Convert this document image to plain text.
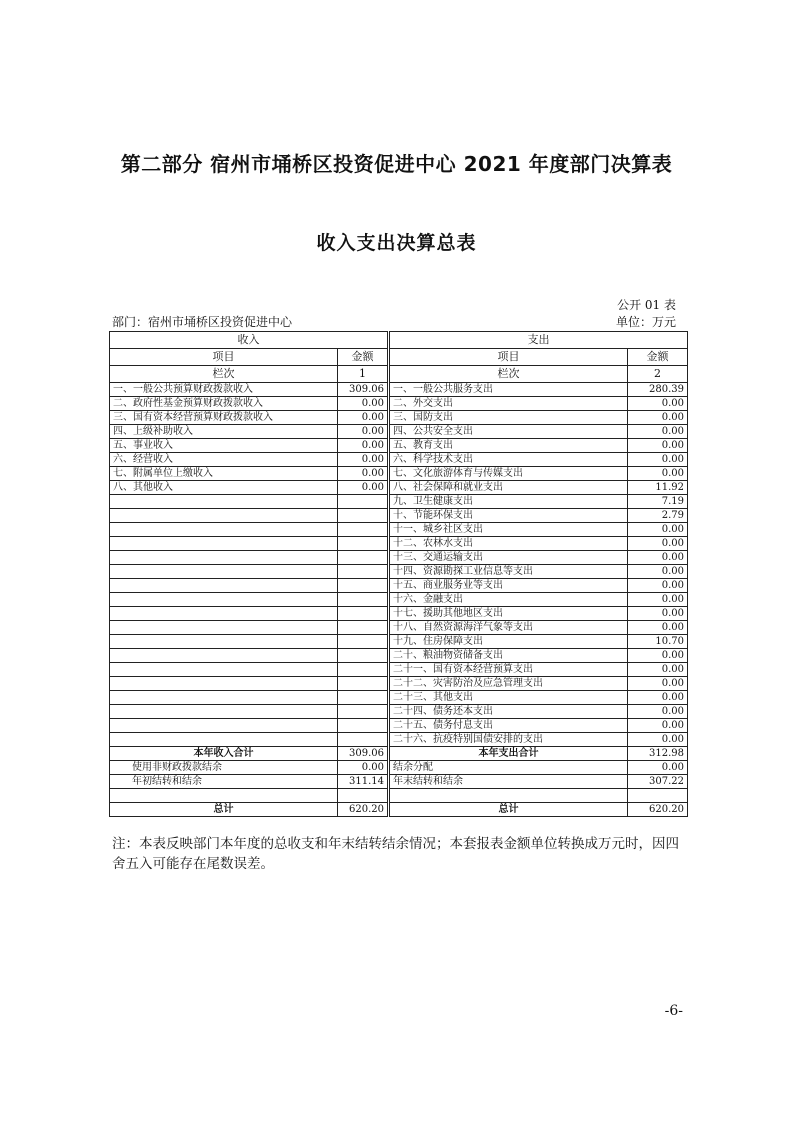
第二部分 宿州市埇桥区投资促进中心 2021 年度部门决算表
收入支出决算总表
公开 01 表
部门：宿州市埇桥区投资促进中心	单位：万元
收入		支出	
项目	金额	项目	金额
栏次	1	栏次	2
一、一般公共预算财政拨款收入	309.06	一、一般公共服务支出	280.39
二、政府性基金预算财政拨款收入	0.00	二、外交支出	0.00
三、国有资本经营预算财政拨款收入	0.00	三、国防支出	0.00
四、上级补助收入	0.00	四、公共安全支出	0.00
五、事业收入	0.00	五、教育支出	0.00
六、经营收入	0.00	六、科学技术支出	0.00
七、附属单位上缴收入	0.00	七、文化旅游体育与传媒支出	0.00
八、其他收入	0.00	八、社会保障和就业支出	11.92
		九、卫生健康支出	7.19
		十、节能环保支出	2.79
		十一、城乡社区支出	0.00
		十二、农林水支出	0.00
		十三、交通运输支出	0.00
		十四、资源勘探工业信息等支出	0.00
		十五、商业服务业等支出	0.00
		十六、金融支出	0.00
		十七、援助其他地区支出	0.00
		十八、自然资源海洋气象等支出	0.00
		十九、住房保障支出	10.70
		二十、粮油物资储备支出	0.00
		二十一、国有资本经营预算支出	0.00
		二十二、灾害防治及应急管理支出	0.00
		二十三、其他支出	0.00
		二十四、债务还本支出	0.00
		二十五、债务付息支出	0.00
		二十六、抗疫特别国债安排的支出	0.00
本年收入合计	309.06	本年支出合计	312.98
使用非财政拨款结余	0.00	结余分配	0.00
年初结转和结余	311.14	年末结转和结余	307.22

总计	620.20	总计	620.20
注：本表反映部门本年度的总收支和年末结转结余情况；本套报表金额单位转换成万元时，因四舍五入可能存在尾数误差。
-6-
